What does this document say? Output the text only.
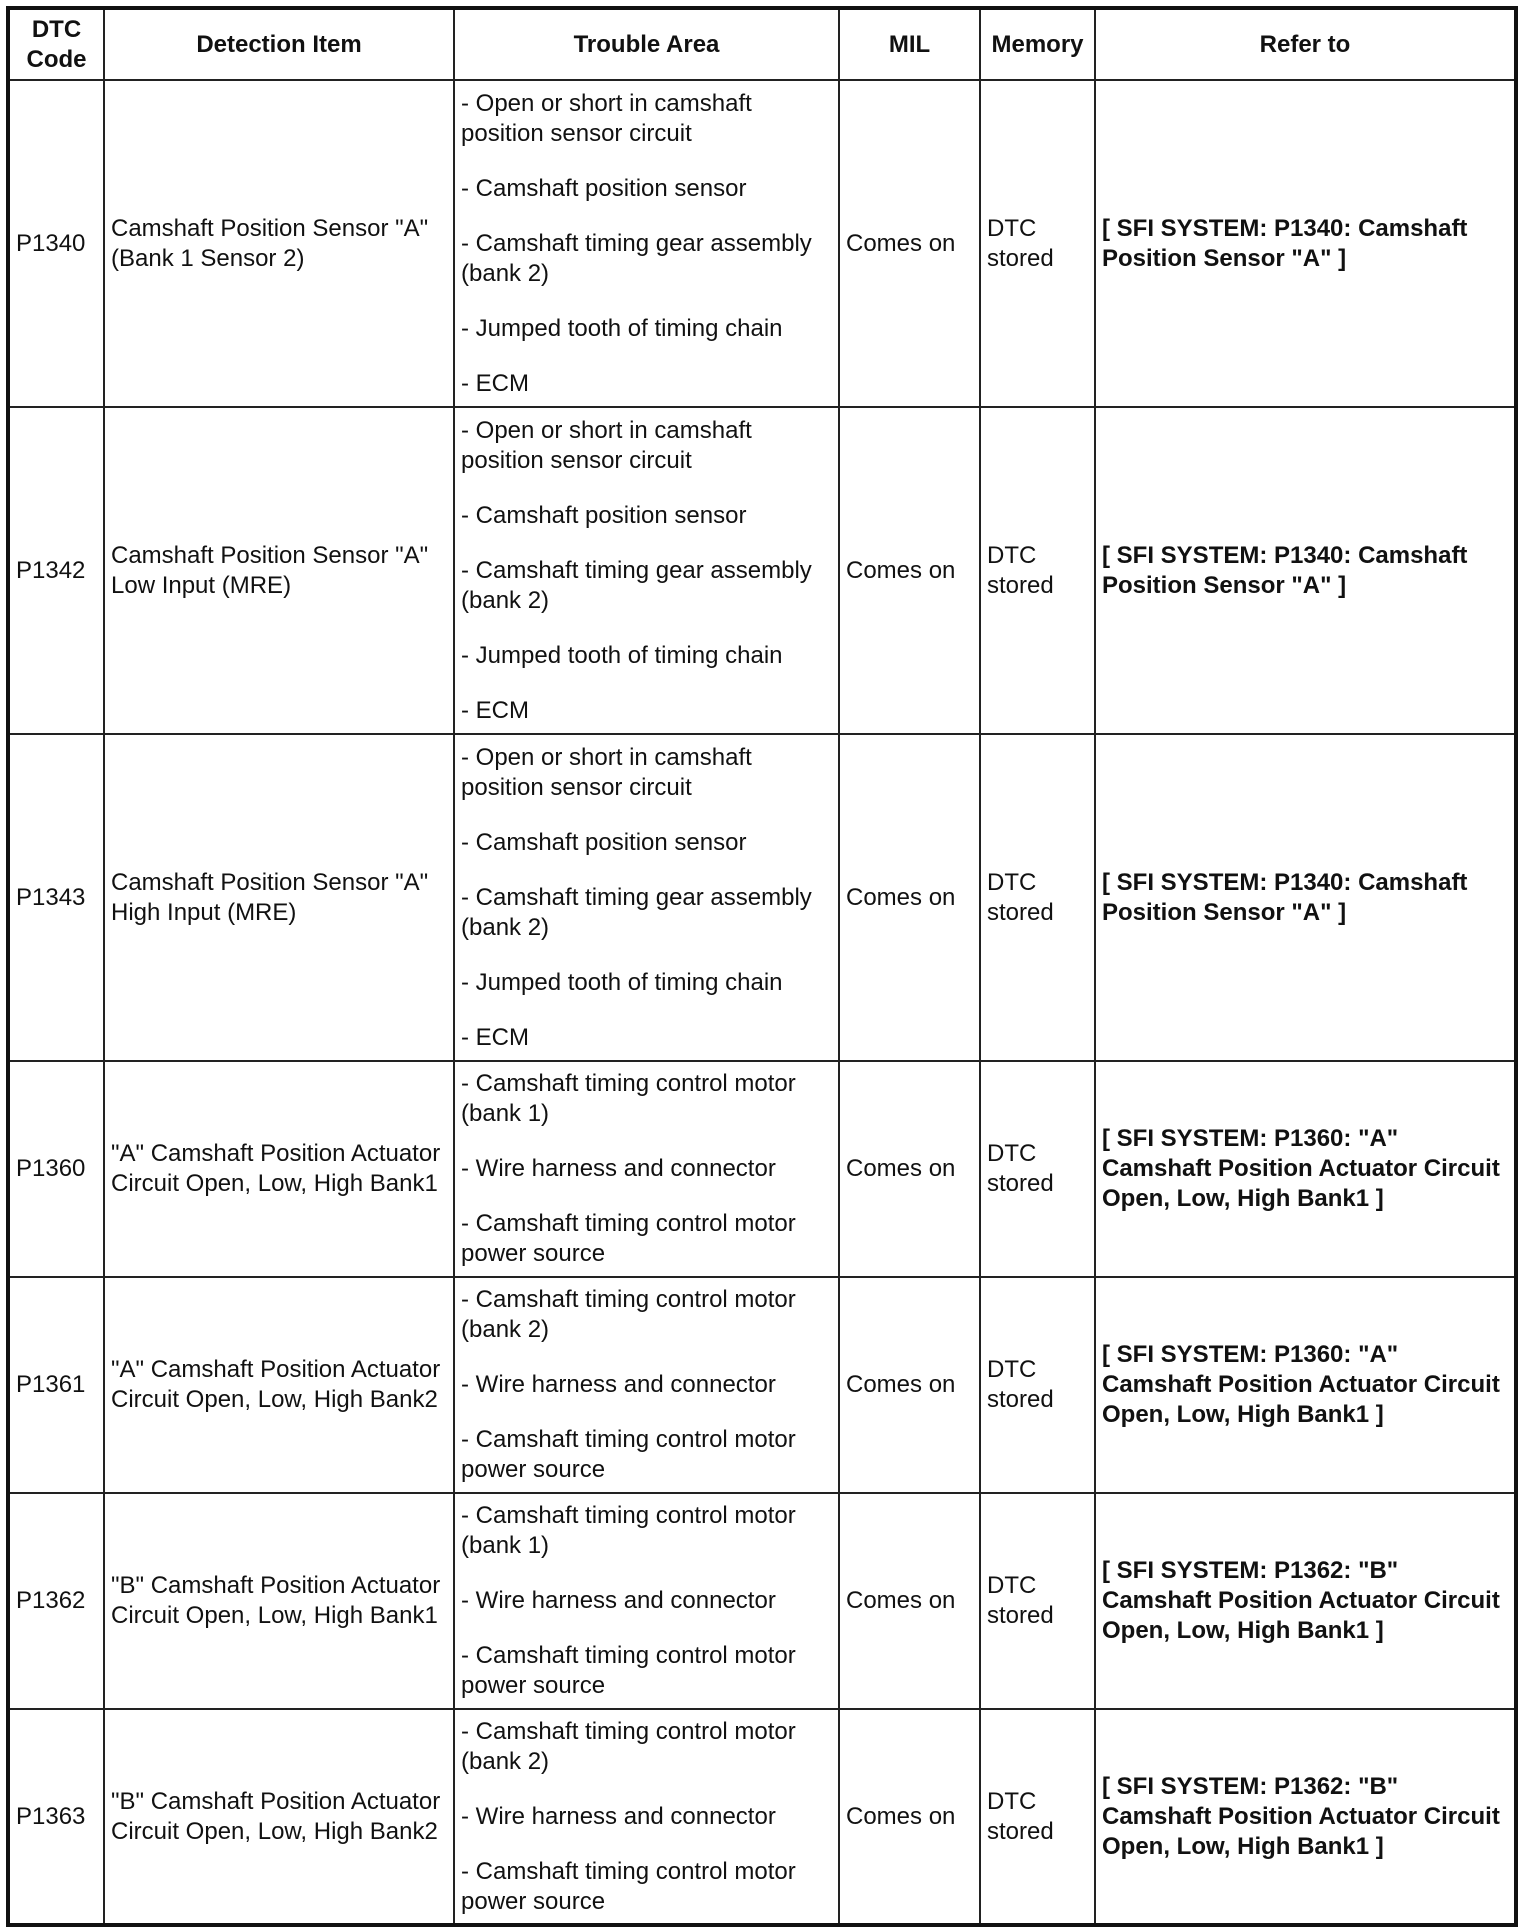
DTC
Code	Detection Item	Trouble Area	MIL	Memory	Refer to
P1340	Camshaft Position Sensor "A" (Bank 1 Sensor 2)	- Open or short in camshaft position sensor circuit
- Camshaft position sensor
- Camshaft timing gear assembly (bank 2)
- Jumped tooth of timing chain
- ECM	Comes on	DTC stored	[ SFI SYSTEM: P1340: Camshaft Position Sensor "A" ]
P1342	Camshaft Position Sensor "A" Low Input (MRE)	- Open or short in camshaft position sensor circuit
- Camshaft position sensor
- Camshaft timing gear assembly (bank 2)
- Jumped tooth of timing chain
- ECM	Comes on	DTC stored	[ SFI SYSTEM: P1340: Camshaft Position Sensor "A" ]
P1343	Camshaft Position Sensor "A" High Input (MRE)	- Open or short in camshaft position sensor circuit
- Camshaft position sensor
- Camshaft timing gear assembly (bank 2)
- Jumped tooth of timing chain
- ECM	Comes on	DTC stored	[ SFI SYSTEM: P1340: Camshaft Position Sensor "A" ]
P1360	"A" Camshaft Position Actuator Circuit Open, Low, High Bank1	- Camshaft timing control motor (bank 1)
- Wire harness and connector
- Camshaft timing control motor power source	Comes on	DTC stored	[ SFI SYSTEM: P1360: "A" Camshaft Position Actuator Circuit Open, Low, High Bank1 ]
P1361	"A" Camshaft Position Actuator Circuit Open, Low, High Bank2	- Camshaft timing control motor (bank 2)
- Wire harness and connector
- Camshaft timing control motor power source	Comes on	DTC stored	[ SFI SYSTEM: P1360: "A" Camshaft Position Actuator Circuit Open, Low, High Bank1 ]
P1362	"B" Camshaft Position Actuator Circuit Open, Low, High Bank1	- Camshaft timing control motor (bank 1)
- Wire harness and connector
- Camshaft timing control motor power source	Comes on	DTC stored	[ SFI SYSTEM: P1362: "B" Camshaft Position Actuator Circuit Open, Low, High Bank1 ]
P1363	"B" Camshaft Position Actuator Circuit Open, Low, High Bank2	- Camshaft timing control motor (bank 2)
- Wire harness and connector
- Camshaft timing control motor power source	Comes on	DTC stored	[ SFI SYSTEM: P1362: "B" Camshaft Position Actuator Circuit Open, Low, High Bank1 ]
